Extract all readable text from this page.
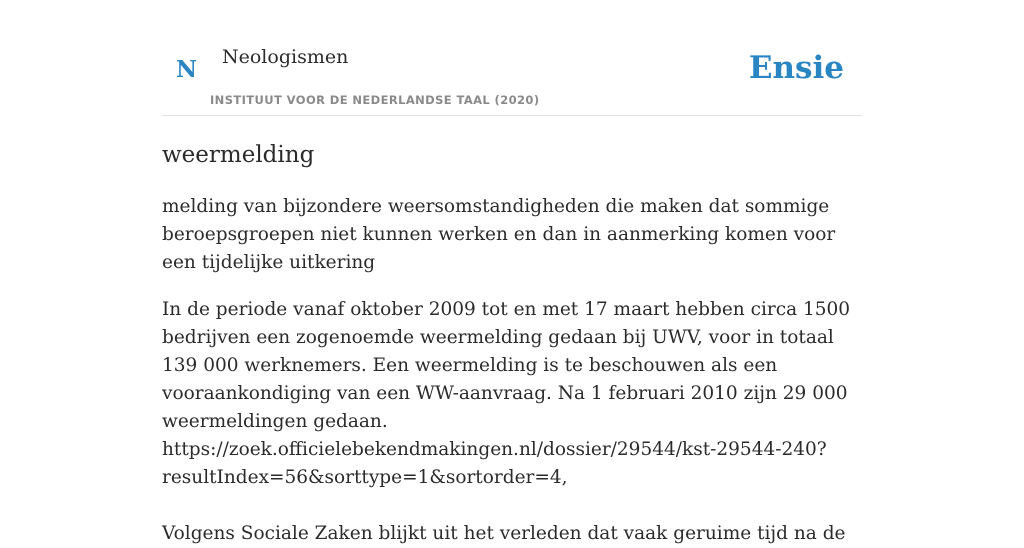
N Neologismen
INSTITUUT VOOR DE NEDERLANDSE TAAL (2020)
Ensie
weermelding

melding van bijzondere weersomstandigheden die maken dat sommige beroepsgroepen niet kunnen werken en dan in aanmerking komen voor een tijdelijke uitkering

In de periode vanaf oktober 2009 tot en met 17 maart hebben circa 1500 bedrijven een zogenoemde weermelding gedaan bij UWV, voor in totaal 139 000 werknemers. Een weermelding is te beschouwen als een vooraankondiging van een WW-aanvraag. Na 1 februari 2010 zijn 29 000 weermeldingen gedaan.
https://zoek.officielebekendmakingen.nl/dossier/29544/kst-29544-240?resultIndex=56&sorttype=1&sortorder=4,
Volgens Sociale Zaken blijkt uit het verleden dat vaak geruime tijd na de
